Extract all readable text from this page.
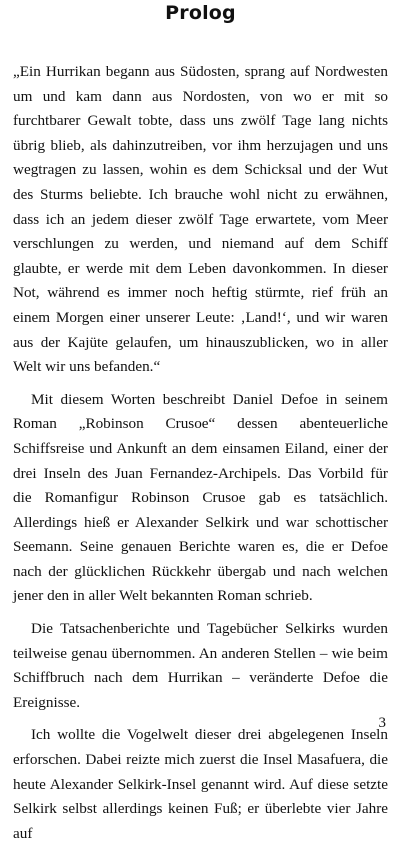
Prolog

„Ein Hurrikan begann aus Südosten, sprang auf Nordwesten um und kam dann aus Nordosten, von wo er mit so furchtbarer Gewalt tobte, dass uns zwölf Tage lang nichts übrig blieb, als dahinzutreiben, vor ihm herzujagen und uns wegtragen zu lassen, wohin es dem Schicksal und der Wut des Sturms beliebte. Ich brauche wohl nicht zu erwähnen, dass ich an jedem dieser zwölf Tage erwartete, vom Meer verschlungen zu werden, und niemand auf dem Schiff glaubte, er werde mit dem Leben davonkommen. In dieser Not, während es immer noch heftig stürmte, rief früh an einem Morgen einer unserer Leute: ‚Land!‘, und wir waren aus der Kajüte gelaufen, um hinauszublicken, wo in aller Welt wir uns befanden.“

Mit diesem Worten beschreibt Daniel Defoe in seinem Roman „Robinson Crusoe“ dessen abenteuerliche Schiffsreise und Ankunft an dem einsamen Eiland, einer der drei Inseln des Juan Fernandez-Archipels. Das Vorbild für die Romanfigur Robinson Crusoe gab es tatsächlich. Allerdings hieß er Alexander Selkirk und war schottischer Seemann. Seine genauen Berichte waren es, die er Defoe nach der glücklichen Rückkehr übergab und nach welchen jener den in aller Welt bekannten Roman schrieb.

Die Tatsachenberichte und Tagebücher Selkirks wurden teilweise genau übernommen. An anderen Stellen – wie beim Schiffbruch nach dem Hurrikan – veränderte Defoe die Ereignisse.

Ich wollte die Vogelwelt dieser drei abgelegenen Inseln erforschen. Dabei reizte mich zuerst die Insel Masafuera, die heute Alexander Selkirk-Insel genannt wird. Auf diese setzte Selkirk selbst allerdings keinen Fuß; er überlebte vier Jahre auf

3
